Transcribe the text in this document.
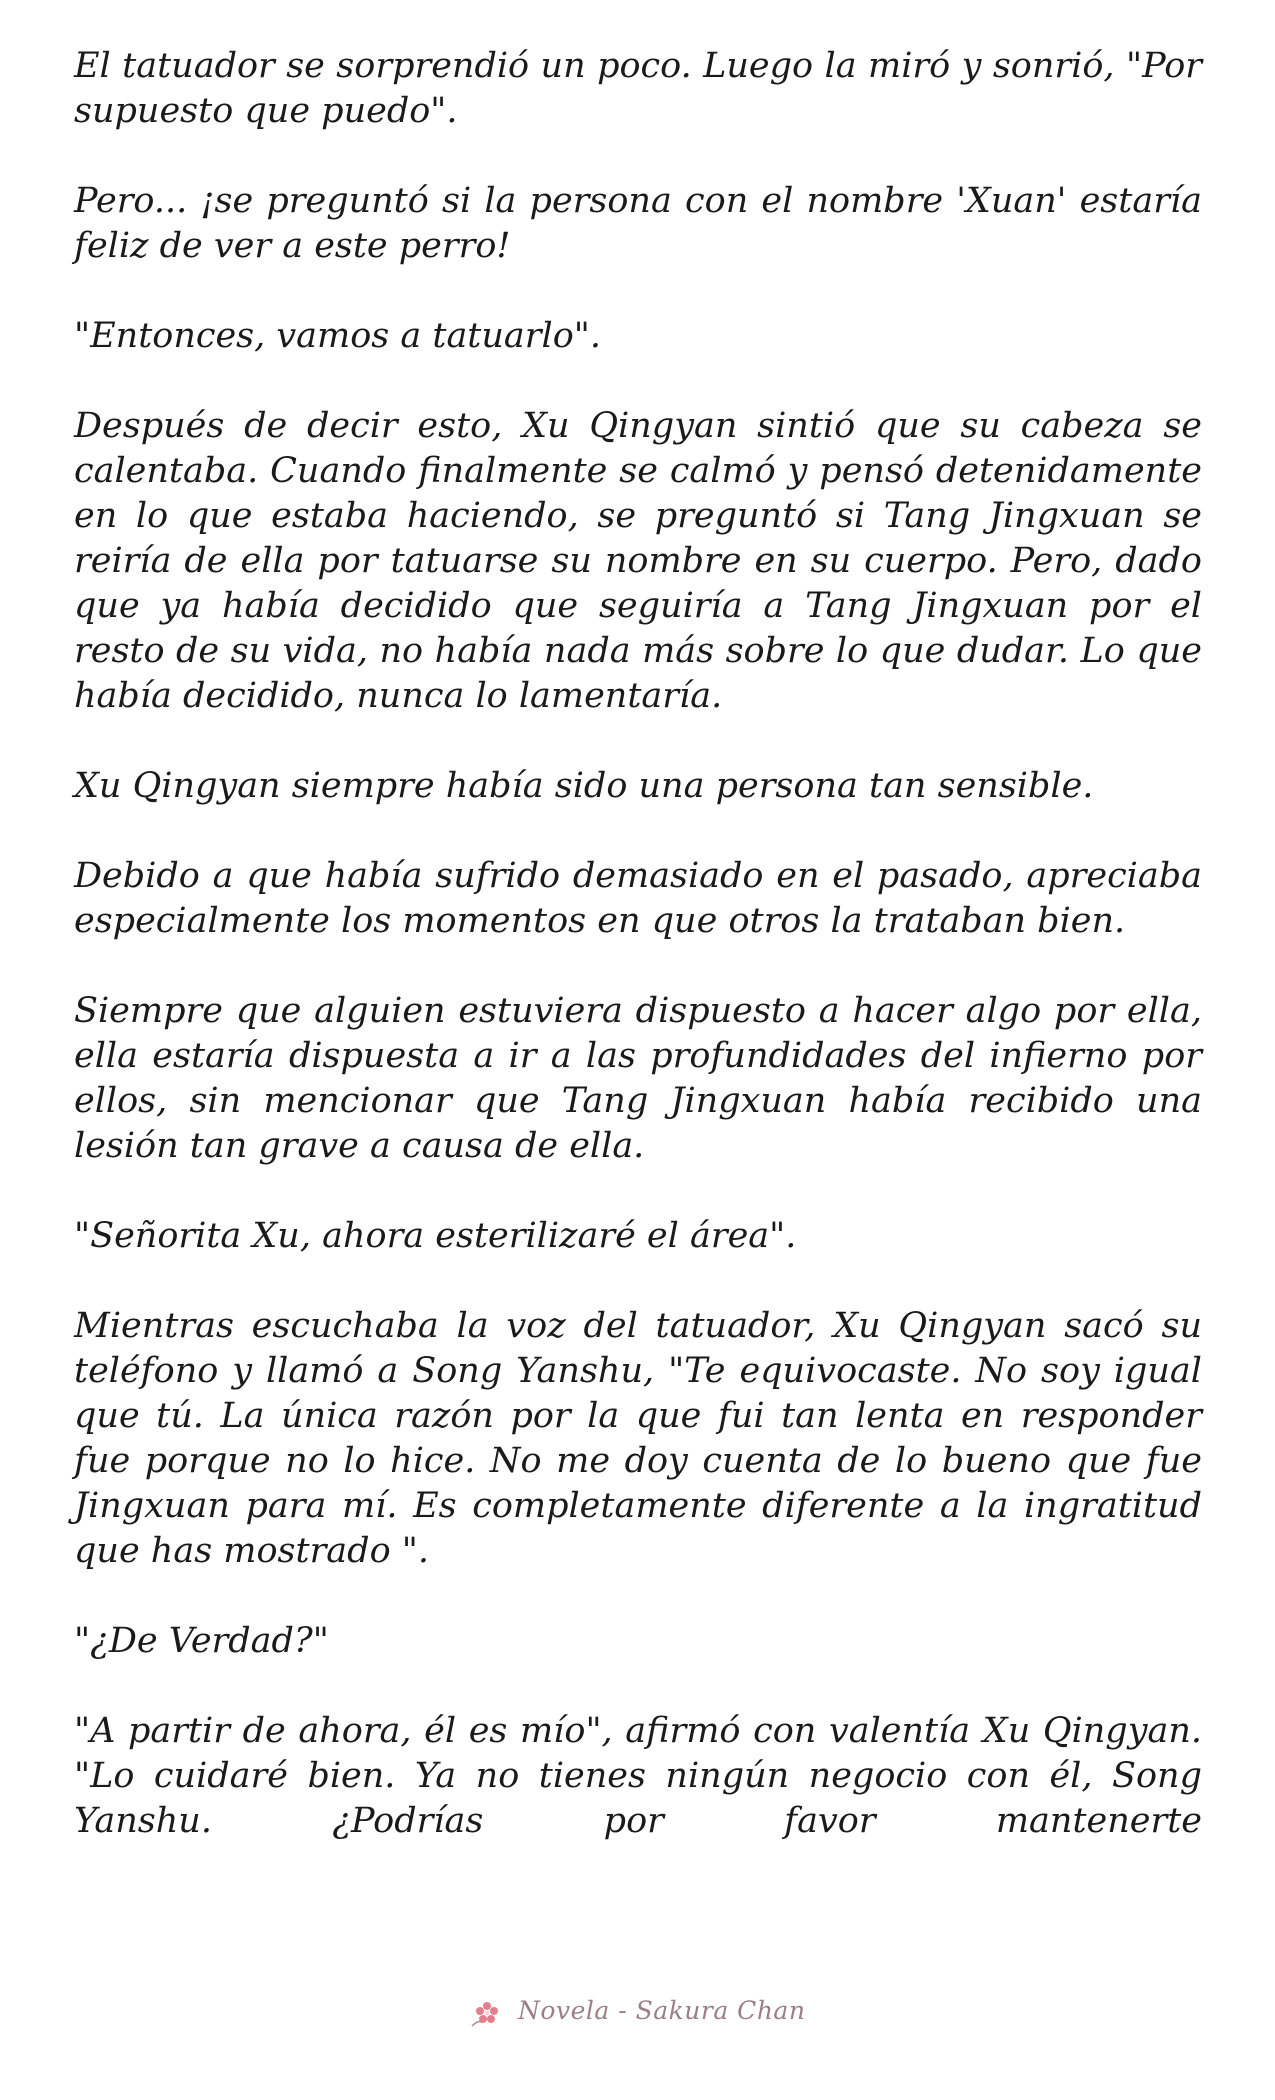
El tatuador se sorprendió un poco. Luego la miró y sonrió, "Por supuesto que puedo".

Pero... ¡se preguntó si la persona con el nombre 'Xuan' estaría feliz de ver a este perro!

"Entonces, vamos a tatuarlo".

Después de decir esto, Xu Qingyan sintió que su cabeza se calentaba. Cuando finalmente se calmó y pensó detenidamente en lo que estaba haciendo, se preguntó si Tang Jingxuan se reiría de ella por tatuarse su nombre en su cuerpo. Pero, dado que ya había decidido que seguiría a Tang Jingxuan por el resto de su vida, no había nada más sobre lo que dudar. Lo que había decidido, nunca lo lamentaría.

Xu Qingyan siempre había sido una persona tan sensible.

Debido a que había sufrido demasiado en el pasado, apreciaba especialmente los momentos en que otros la trataban bien.

Siempre que alguien estuviera dispuesto a hacer algo por ella, ella estaría dispuesta a ir a las profundidades del infierno por ellos, sin mencionar que Tang Jingxuan había recibido una lesión tan grave a causa de ella.

"Señorita Xu, ahora esterilizaré el área".

Mientras escuchaba la voz del tatuador, Xu Qingyan sacó su teléfono y llamó a Song Yanshu, "Te equivocaste. No soy igual que tú. La única razón por la que fui tan lenta en responder fue porque no lo hice. No me doy cuenta de lo bueno que fue Jingxuan para mí. Es completamente diferente a la ingratitud que has mostrado ".

"¿De Verdad?"

"A partir de ahora, él es mío", afirmó con valentía Xu Qingyan. "Lo cuidaré bien. Ya no tienes ningún negocio con él, Song Yanshu. ¿Podrías por favor mantenerte

Novela - Sakura Chan
